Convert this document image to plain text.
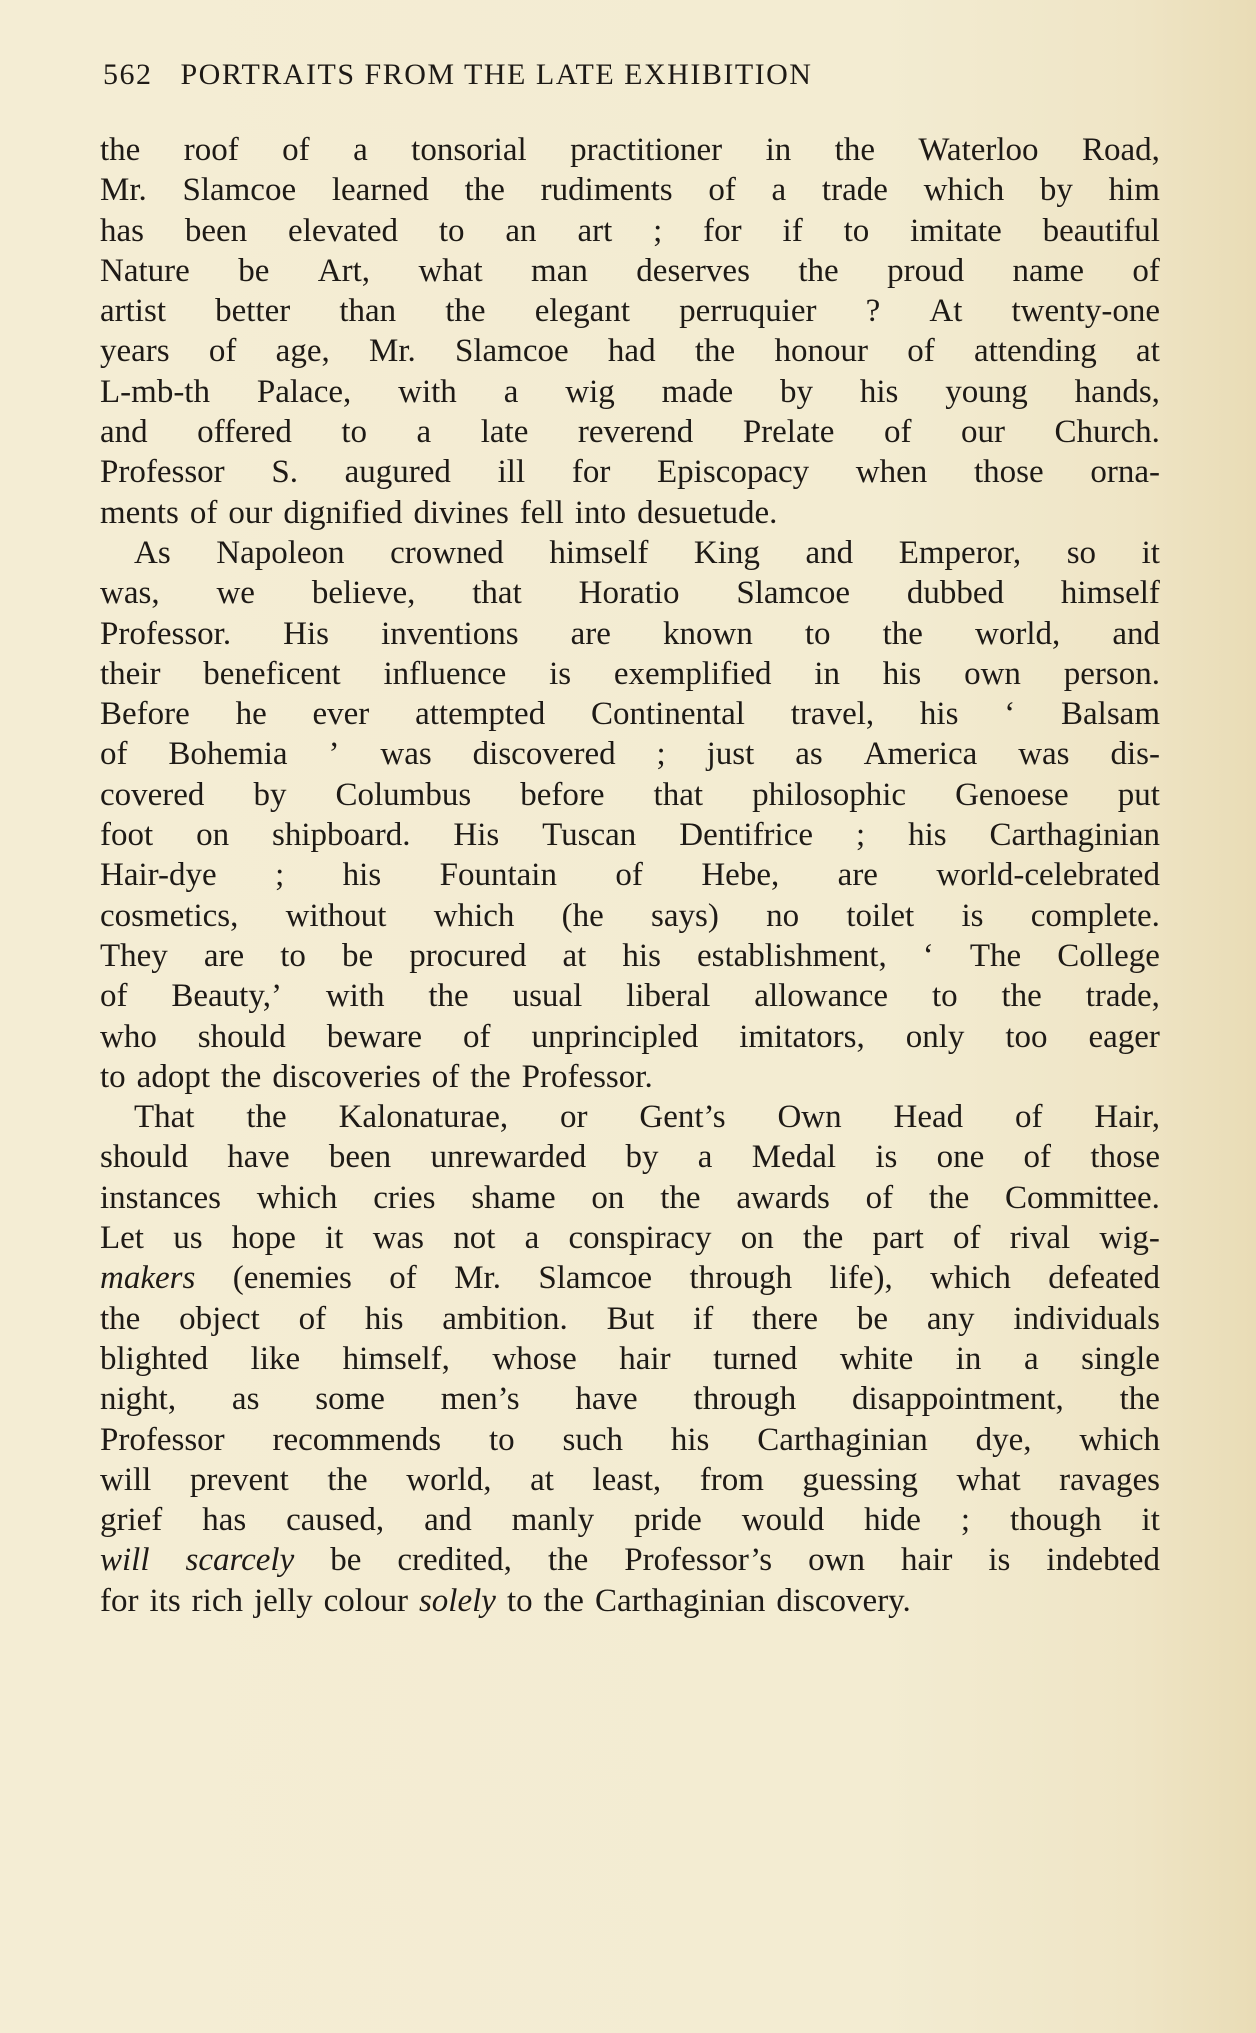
562 PORTRAITS FROM THE LATE EXHIBITION
the roof of a tonsorial practitioner in the Waterloo Road,
Mr. Slamcoe learned the rudiments of a trade which by him
has been elevated to an art ; for if to imitate beautiful
Nature be Art, what man deserves the proud name of
artist better than the elegant perruquier ? At twenty-one
years of age, Mr. Slamcoe had the honour of attending at
L-mb-th Palace, with a wig made by his young hands,
and offered to a late reverend Prelate of our Church.
Professor S. augured ill for Episcopacy when those orna-
ments of our dignified divines fell into desuetude.
As Napoleon crowned himself King and Emperor, so it
was, we believe, that Horatio Slamcoe dubbed himself
Professor. His inventions are known to the world, and
their beneficent influence is exemplified in his own person.
Before he ever attempted Continental travel, his ‘ Balsam
of Bohemia ’ was discovered ; just as America was dis-
covered by Columbus before that philosophic Genoese put
foot on shipboard. His Tuscan Dentifrice ; his Carthaginian
Hair-dye ; his Fountain of Hebe, are world-celebrated
cosmetics, without which (he says) no toilet is complete.
They are to be procured at his establishment, ‘ The College
of Beauty,’ with the usual liberal allowance to the trade,
who should beware of unprincipled imitators, only too eager
to adopt the discoveries of the Professor.
That the Kalonaturae, or Gent’s Own Head of Hair,
should have been unrewarded by a Medal is one of those
instances which cries shame on the awards of the Committee.
Let us hope it was not a conspiracy on the part of rival wig-
makers (enemies of Mr. Slamcoe through life), which defeated
the object of his ambition. But if there be any individuals
blighted like himself, whose hair turned white in a single
night, as some men’s have through disappointment, the
Professor recommends to such his Carthaginian dye, which
will prevent the world, at least, from guessing what ravages
grief has caused, and manly pride would hide ; though it
will scarcely be credited, the Professor’s own hair is indebted
for its rich jelly colour solely to the Carthaginian discovery.
